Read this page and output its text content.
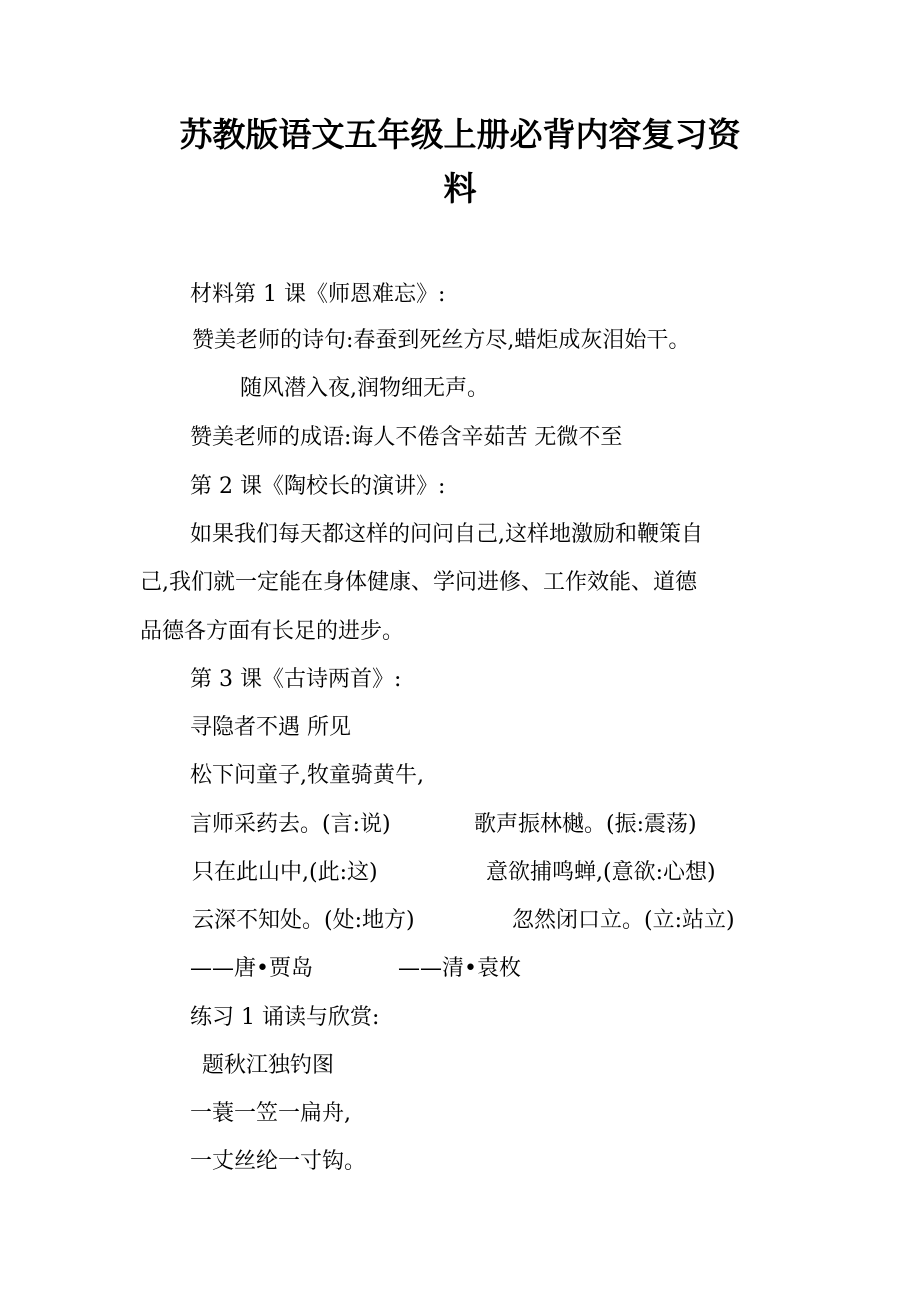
苏教版语文五年级上册必背内容复习资
料

材料第 1 课《师恩难忘》:

赞美老师的诗句:春蚕到死丝方尽,蜡炬成灰泪始干。

随风潜入夜,润物细无声。

赞美老师的成语:诲人不倦含辛茹苦 无微不至

第 2 课《陶校长的演讲》:

如果我们每天都这样的问问自己,这样地激励和鞭策自

己,我们就一定能在身体健康、学问进修、工作效能、道德

品德各方面有长足的进步。

第 3 课《古诗两首》:

寻隐者不遇 所见

松下问童子,牧童骑黄牛,

言师采药去。(言:说)	歌声振林樾。(振:震荡)

只在此山中,(此:这)	意欲捕鸣蝉,(意欲:心想)

云深不知处。(处:地方)	忽然闭口立。(立:站立)

——唐•贾岛	——清•袁枚

练习 1 诵读与欣赏:

题秋江独钓图

一蓑一笠一扁舟,

一丈丝纶一寸钩。
